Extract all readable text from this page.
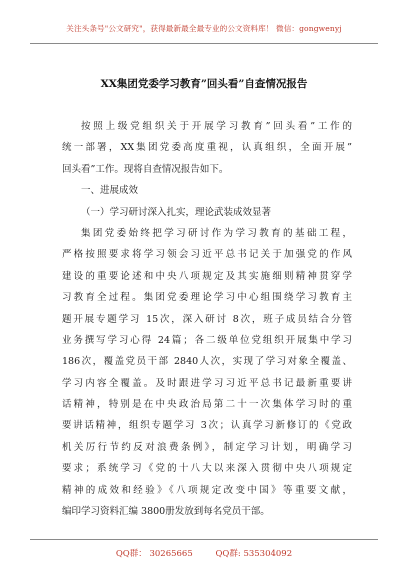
关注头条号"公文研究"，获得最新最全最专业的公文资料库！ 微信：gongwenyj
XX集团党委学习教育”回头看”自查情况报告
按照上级党组织关于开展学习教育”回头看”工作的
统一部署，XX集团党委高度重视，认真组织，全面开展”
回头看”工作。现将自查情况报告如下。
一、进展成效
（一）学习研讨深入扎实，理论武装成效显著
集团党委始终把学习研讨作为学习教育的基础工程，
严格按照要求将学习领会习近平总书记关于加强党的作风
建设的重要论述和中央八项规定及其实施细则精神贯穿学
习教育全过程。集团党委理论学习中心组围绕学习教育主
题开展专题学习 15次，深入研讨 8次，班子成员结合分管
业务撰写学习心得 24篇；各二级单位党组织开展集中学习
186次，覆盖党员干部 2840人次，实现了学习对象全覆盖、
学习内容全覆盖。及时跟进学习习近平总书记最新重要讲
话精神，特别是在中央政治局第二十一次集体学习时的重
要讲话精神，组织专题学习 3次；认真学习新修订的《党政
机关厉行节约反对浪费条例》，制定学习计划，明确学习
要求；系统学习《党的十八大以来深入贯彻中央八项规定
精神的成效和经验》《八项规定改变中国》等重要文献，
编印学习资料汇编 3800册发放到每名党员干部。
QQ群： 30265665	QQ群: 535304092
